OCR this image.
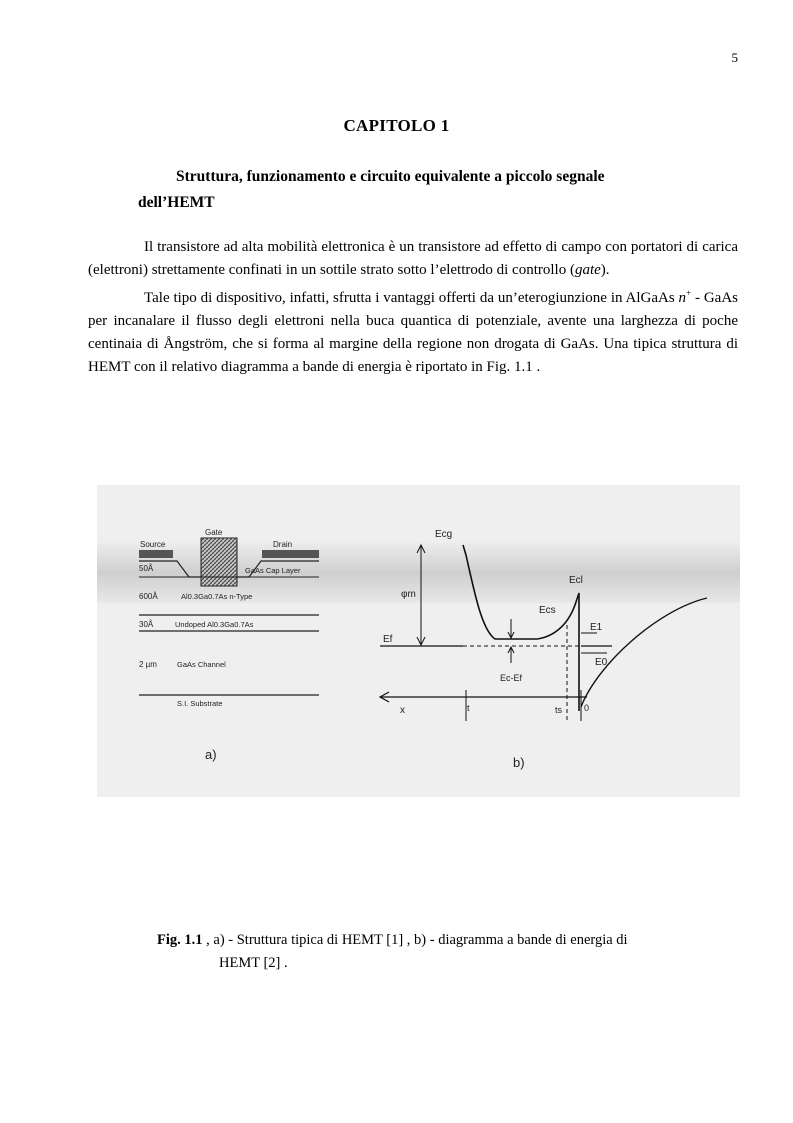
5
CAPITOLO 1
Struttura, funzionamento e circuito equivalente a piccolo segnale
dell’HEMT

Il transistore ad alta mobilità elettronica è un transistore ad effetto di campo con portatori di carica (elettroni) strettamente confinati in un sottile strato sotto l’elettrodo di controllo (gate).

Tale tipo di dispositivo, infatti, sfrutta i vantaggi offerti da un’eterogiunzione in AlGaAs n+ - GaAs per incanalare il flusso degli elettroni nella buca quantica di potenziale, avente una larghezza di poche centinaia di Ångström, che si forma al margine della regione non drogata di GaAs. Una tipica struttura di HEMT con il relativo diagramma a bande di energia è riportato in Fig. 1.1 .

Source
Gate
Drain
50Å	GaAs Cap Layer
600Å	Al0.3Ga0.7As n-Type
30Å	Undoped Al0.3Ga0.7As
2 µm	GaAs Channel
S.I. Substrate
a)
Ecg
φm
Ecl
Ecs
Ef
E1
E0
Ec-Ef
x	t	ts 0
b)
Fig. 1.1 , a) - Struttura tipica di HEMT [1] , b) - diagramma a bande di energia di
HEMT [2] .
